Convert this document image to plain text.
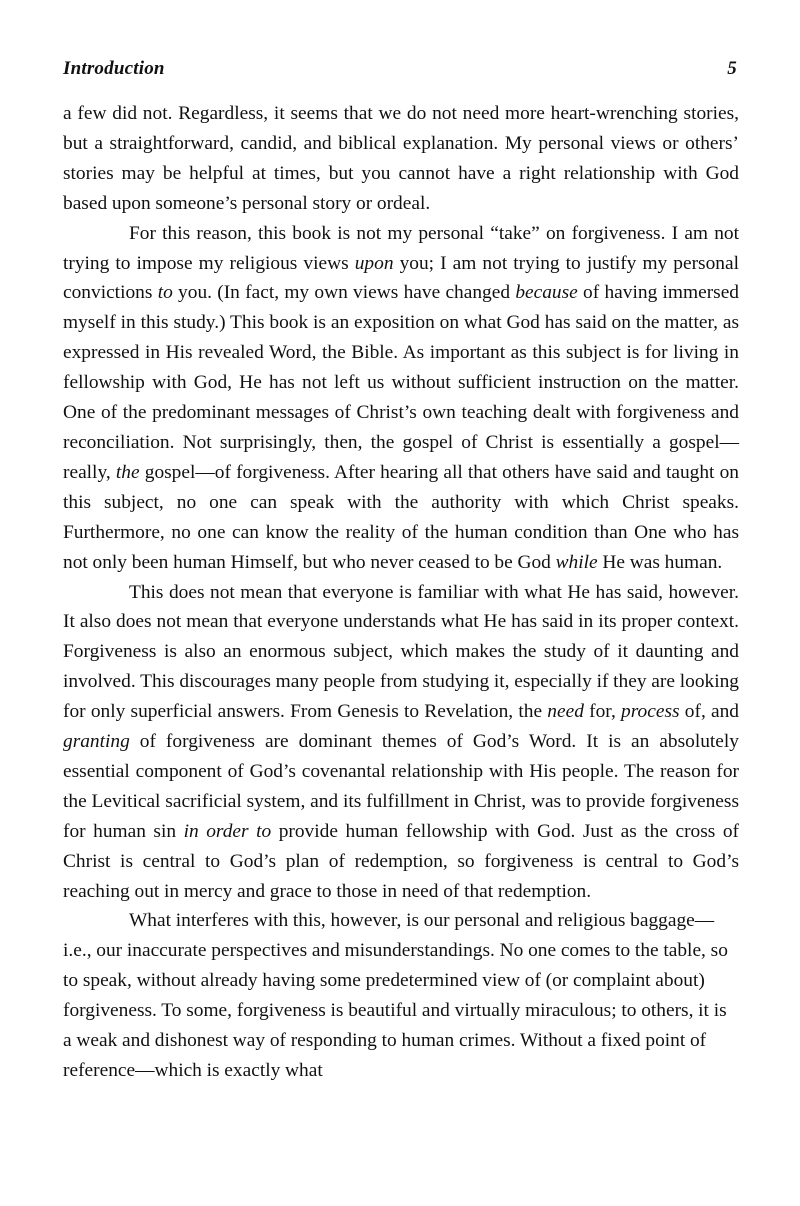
Introduction	5

a few did not. Regardless, it seems that we do not need more heart-wrenching stories, but a straightforward, candid, and biblical explanation. My personal views or others’ stories may be helpful at times, but you cannot have a right relationship with God based upon someone’s personal story or ordeal.

For this reason, this book is not my personal “take” on forgiveness. I am not trying to impose my religious views upon you; I am not trying to justify my personal convictions to you. (In fact, my own views have changed because of having immersed myself in this study.) This book is an exposition on what God has said on the matter, as expressed in His revealed Word, the Bible. As important as this subject is for living in fellowship with God, He has not left us without sufficient instruction on the matter. One of the predominant messages of Christ’s own teaching dealt with forgiveness and reconciliation. Not surprisingly, then, the gospel of Christ is essentially a gospel—really, the gospel—of forgiveness. After hearing all that others have said and taught on this subject, no one can speak with the authority with which Christ speaks. Furthermore, no one can know the reality of the human condition than One who has not only been human Himself, but who never ceased to be God while He was human.

This does not mean that everyone is familiar with what He has said, however. It also does not mean that everyone understands what He has said in its proper context. Forgiveness is also an enormous subject, which makes the study of it daunting and involved. This discourages many people from studying it, especially if they are looking for only superficial answers. From Genesis to Revelation, the need for, process of, and granting of forgiveness are dominant themes of God’s Word. It is an absolutely essential component of God’s covenantal relationship with His people. The reason for the Levitical sacrificial system, and its fulfillment in Christ, was to provide forgiveness for human sin in order to provide human fellowship with God. Just as the cross of Christ is central to God’s plan of redemption, so forgiveness is central to God’s reaching out in mercy and grace to those in need of that redemption.

What interferes with this, however, is our personal and religious baggage—i.e., our inaccurate perspectives and misunderstandings. No one comes to the table, so to speak, without already having some predetermined view of (or complaint about) forgiveness. To some, forgiveness is beautiful and virtually miraculous; to others, it is a weak and dishonest way of responding to human crimes. Without a fixed point of reference—which is exactly what
